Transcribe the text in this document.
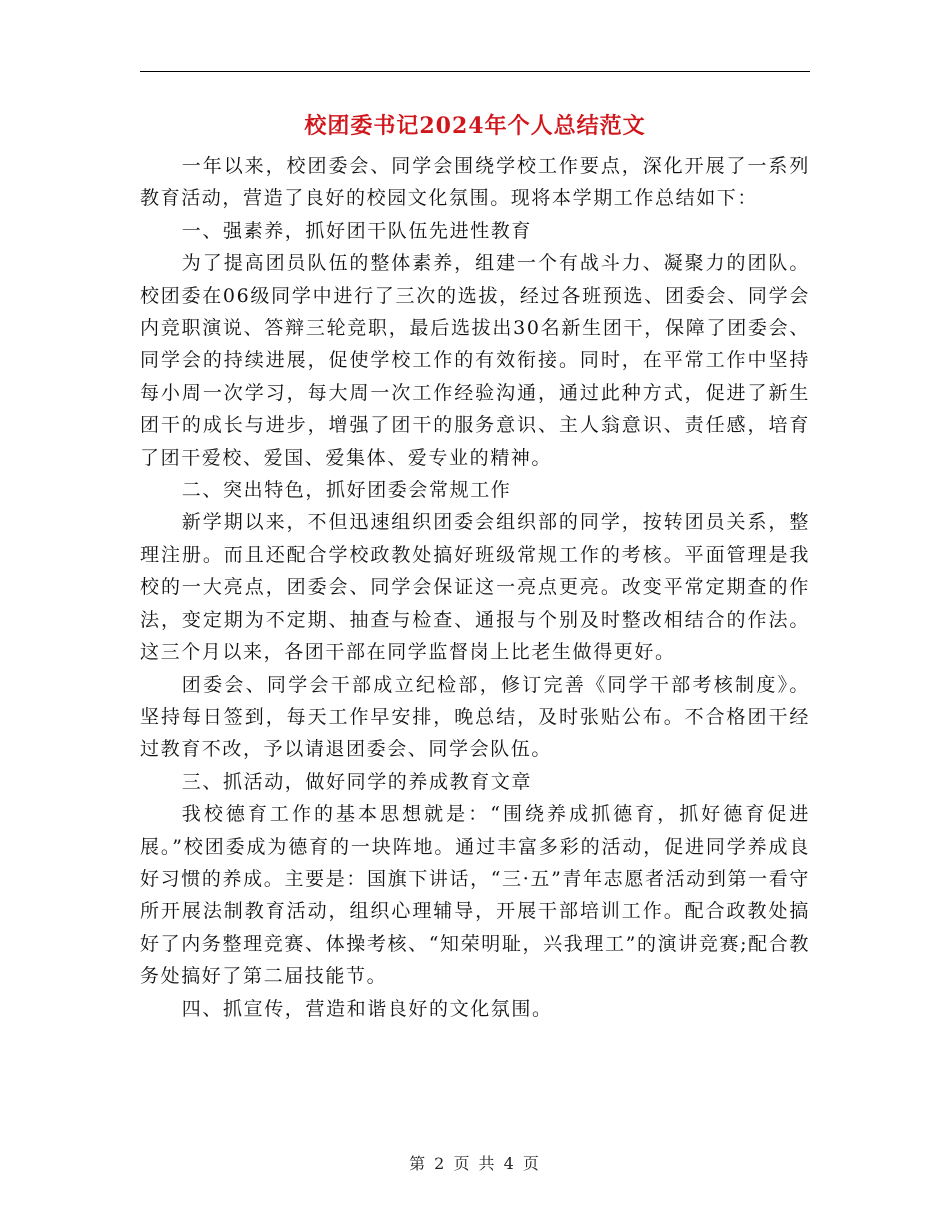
校团委书记2024年个人总结范文

一年以来，校团委会、同学会围绕学校工作要点，深化开展了一系列教育活动，营造了良好的校园文化氛围。现将本学期工作总结如下：

一、强素养，抓好团干队伍先进性教育

为了提高团员队伍的整体素养，组建一个有战斗力、凝聚力的团队。校团委在06级同学中进行了三次的选拔，经过各班预选、团委会、同学会内竞职演说、答辩三轮竞职，最后选拔出30名新生团干，保障了团委会、同学会的持续进展，促使学校工作的有效衔接。同时，在平常工作中坚持每小周一次学习，每大周一次工作经验沟通，通过此种方式，促进了新生团干的成长与进步，增强了团干的服务意识、主人翁意识、责任感，培育了团干爱校、爱国、爱集体、爱专业的精神。

二、突出特色，抓好团委会常规工作

新学期以来，不但迅速组织团委会组织部的同学，按转团员关系，整理注册。而且还配合学校政教处搞好班级常规工作的考核。平面管理是我校的一大亮点，团委会、同学会保证这一亮点更亮。改变平常定期查的作法，变定期为不定期、抽查与检查、通报与个别及时整改相结合的作法。这三个月以来，各团干部在同学监督岗上比老生做得更好。

团委会、同学会干部成立纪检部，修订完善《同学干部考核制度》。坚持每日签到，每天工作早安排，晚总结，及时张贴公布。不合格团干经过教育不改，予以请退团委会、同学会队伍。

三、抓活动，做好同学的养成教育文章

我校德育工作的基本思想就是：“围绕养成抓德育，抓好德育促进展。”校团委成为德育的一块阵地。通过丰富多彩的活动，促进同学养成良好习惯的养成。主要是：国旗下讲话，“三·五”青年志愿者活动到第一看守所开展法制教育活动，组织心理辅导，开展干部培训工作。配合政教处搞好了内务整理竞赛、体操考核、“知荣明耻，兴我理工”的演讲竞赛;配合教务处搞好了第二届技能节。

四、抓宣传，营造和谐良好的文化氛围。

第 2 页 共 4 页
